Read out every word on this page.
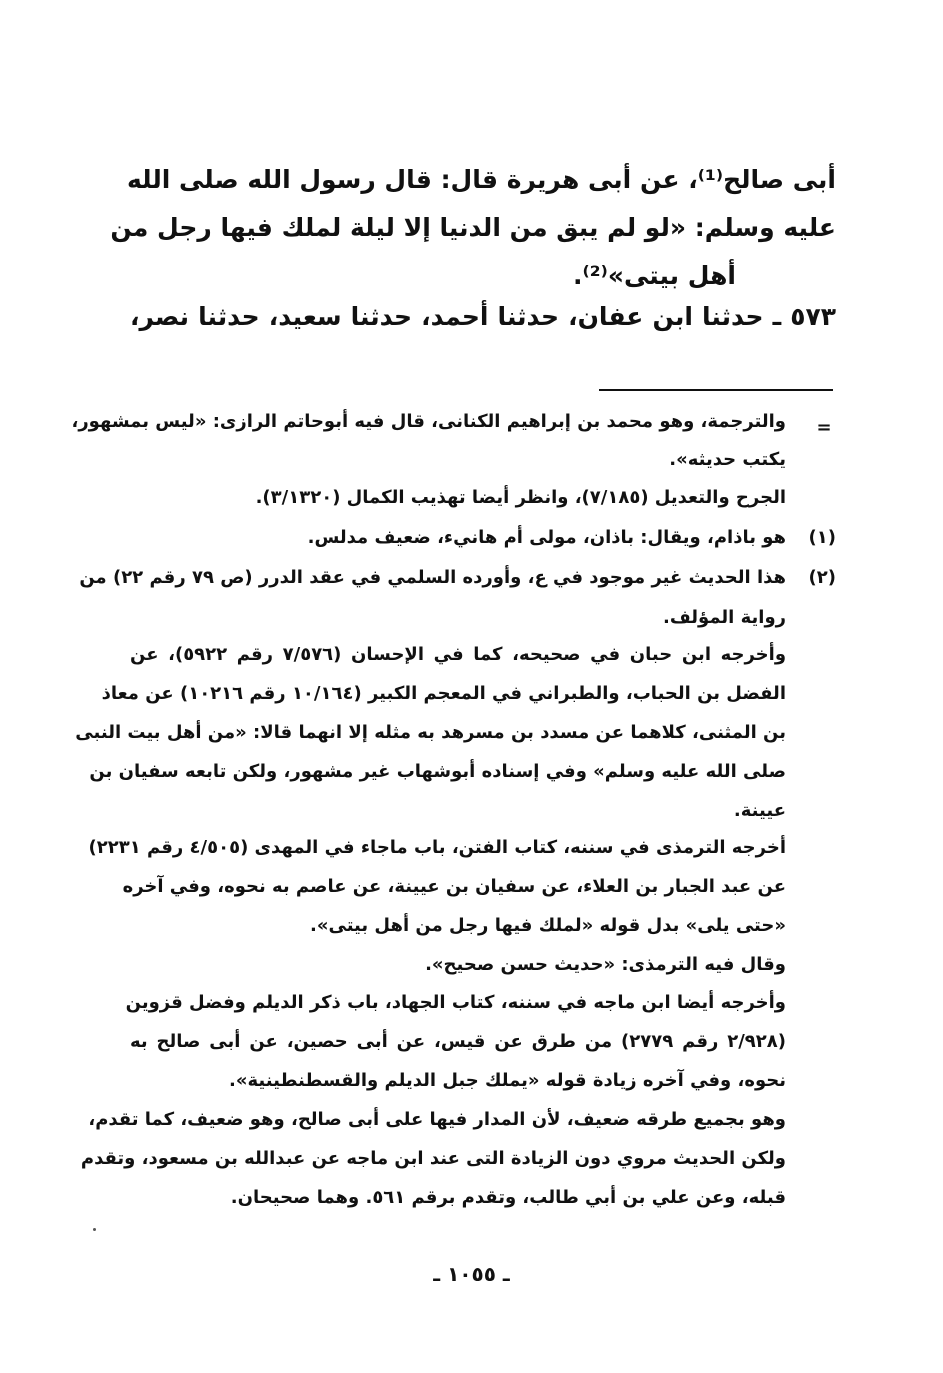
أبى صالح⁽¹⁾، عن أبى هريرة قال: قال رسول الله صلى الله
عليه وسلم: «لو لم يبق من الدنيا إلا ليلة لملك فيها رجل من
أهل بيتى»⁽²⁾.
٥٧٣ ـ حدثنا ابن عفان، حدثنا أحمد، حدثنا سعيد، حدثنا نصر،
=
والترجمة، وهو محمد بن إبراهيم الكنانى، قال فيه أبوحاتم الرازى: «ليس بمشهور،
يكتب حديثه».
الجرح والتعديل (٧/١٨٥)، وانظر أيضا تهذيب الكمال (٣/١٣٢٠).
(١)
هو باذام، ويقال: باذان، مولى أم هانيء، ضعيف مدلس.
(٢)
هذا الحديث غير موجود في ع، وأورده السلمي في عقد الدرر (ص ٧٩ رقم ٢٢) من
رواية المؤلف.
وأخرجه ابن حبان في صحيحه، كما في الإحسان (٧/٥٧٦ رقم ٥٩٢٢)، عن
الفضل بن الحباب، والطبراني في المعجم الكبير (١٠/١٦٤ رقم ١٠٢١٦) عن معاذ
بن المثنى، كلاهما عن مسدد بن مسرهد به مثله إلا انهما قالا: «من أهل بيت النبى
صلى الله عليه وسلم» وفي إسناده أبوشهاب غير مشهور، ولكن تابعه سفيان بن
عيينة.
أخرجه الترمذى في سننه، كتاب الفتن، باب ماجاء في المهدى (٤/٥٠٥ رقم ٢٢٣١)
عن عبد الجبار بن العلاء، عن سفيان بن عيينة، عن عاصم به نحوه، وفي آخره
«حتى يلى» بدل قوله «لملك فيها رجل من أهل بيتى».
وقال فيه الترمذى: «حديث حسن صحيح».
وأخرجه أيضا ابن ماجه في سننه، كتاب الجهاد، باب ذكر الديلم وفضل قزوين
(٢/٩٢٨ رقم ٢٧٧٩) من طرق عن قيس، عن أبى حصين، عن أبى صالح به
نحوه، وفي آخره زيادة قوله «يملك جبل الديلم والقسطنطينية».
وهو بجميع طرقه ضعيف، لأن المدار فيها على أبى صالح، وهو ضعيف، كما تقدم،
ولكن الحديث مروي دون الزيادة التى عند ابن ماجه عن عبدالله بن مسعود، وتقدم
قبله، وعن علي بن أبي طالب، وتقدم برقم ٥٦١. وهما صحيحان.
ـ ١٠٥٥ ـ
